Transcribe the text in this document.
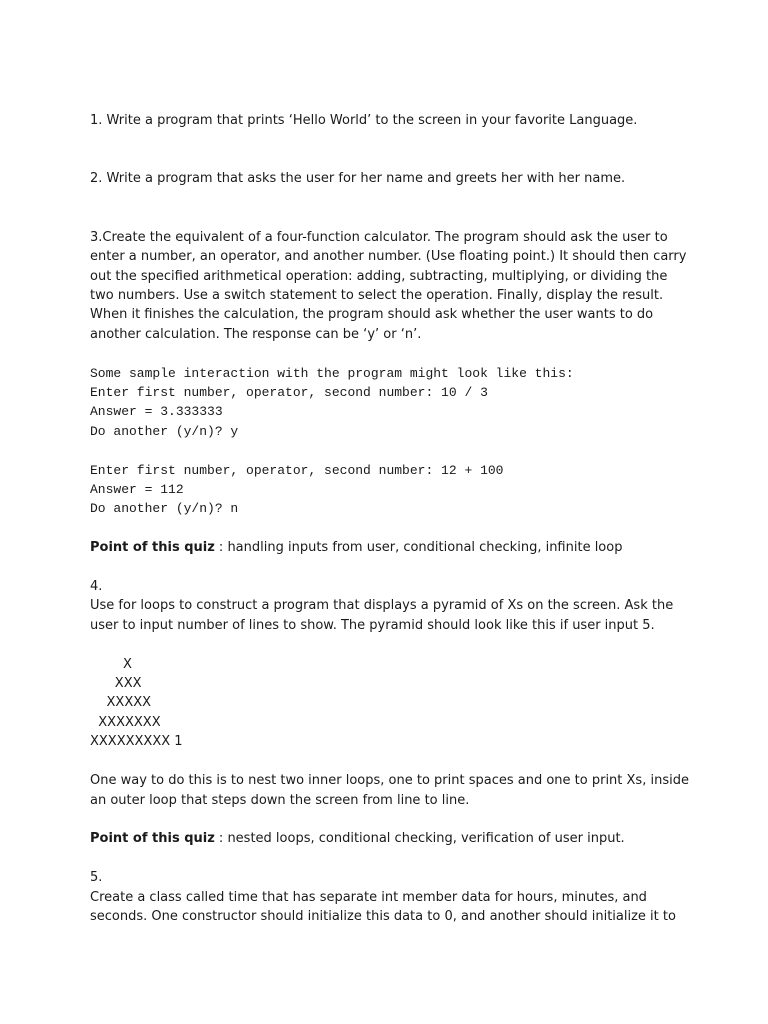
1. Write a program that prints ‘Hello World’ to the screen in your favorite Language.

2. Write a program that asks the user for her name and greets her with her name.

3.Create the equivalent of a four-function calculator. The program should ask the user to enter a number, an operator, and another number. (Use floating point.) It should then carry out the specified arithmetical operation: adding, subtracting, multiplying, or dividing the two numbers. Use a switch statement to select the operation. Finally, display the result. When it finishes the calculation, the program should ask whether the user wants to do another calculation. The response can be ‘y’ or ‘n’.

Some sample interaction with the program might look like this:

Enter first number, operator, second number: 10 / 3

Answer = 3.333333

Do another (y/n)? y

Enter first number, operator, second number: 12 + 100

Answer = 112

Do another (y/n)? n

Point of this quiz : handling inputs from user, conditional checking, infinite loop

4.

Use for loops to construct a program that displays a pyramid of Xs on the screen. Ask the user to input number of lines to show. The pyramid should look like this if user input 5.

X

XXX

XXXXX

XXXXXXX

XXXXXXXXX 1

One way to do this is to nest two inner loops, one to print spaces and one to print Xs, inside an outer loop that steps down the screen from line to line.

Point of this quiz : nested loops, conditional checking, verification of user input.

5.

Create a class called time that has separate int member data for hours, minutes, and seconds. One constructor should initialize this data to 0, and another should initialize it to
